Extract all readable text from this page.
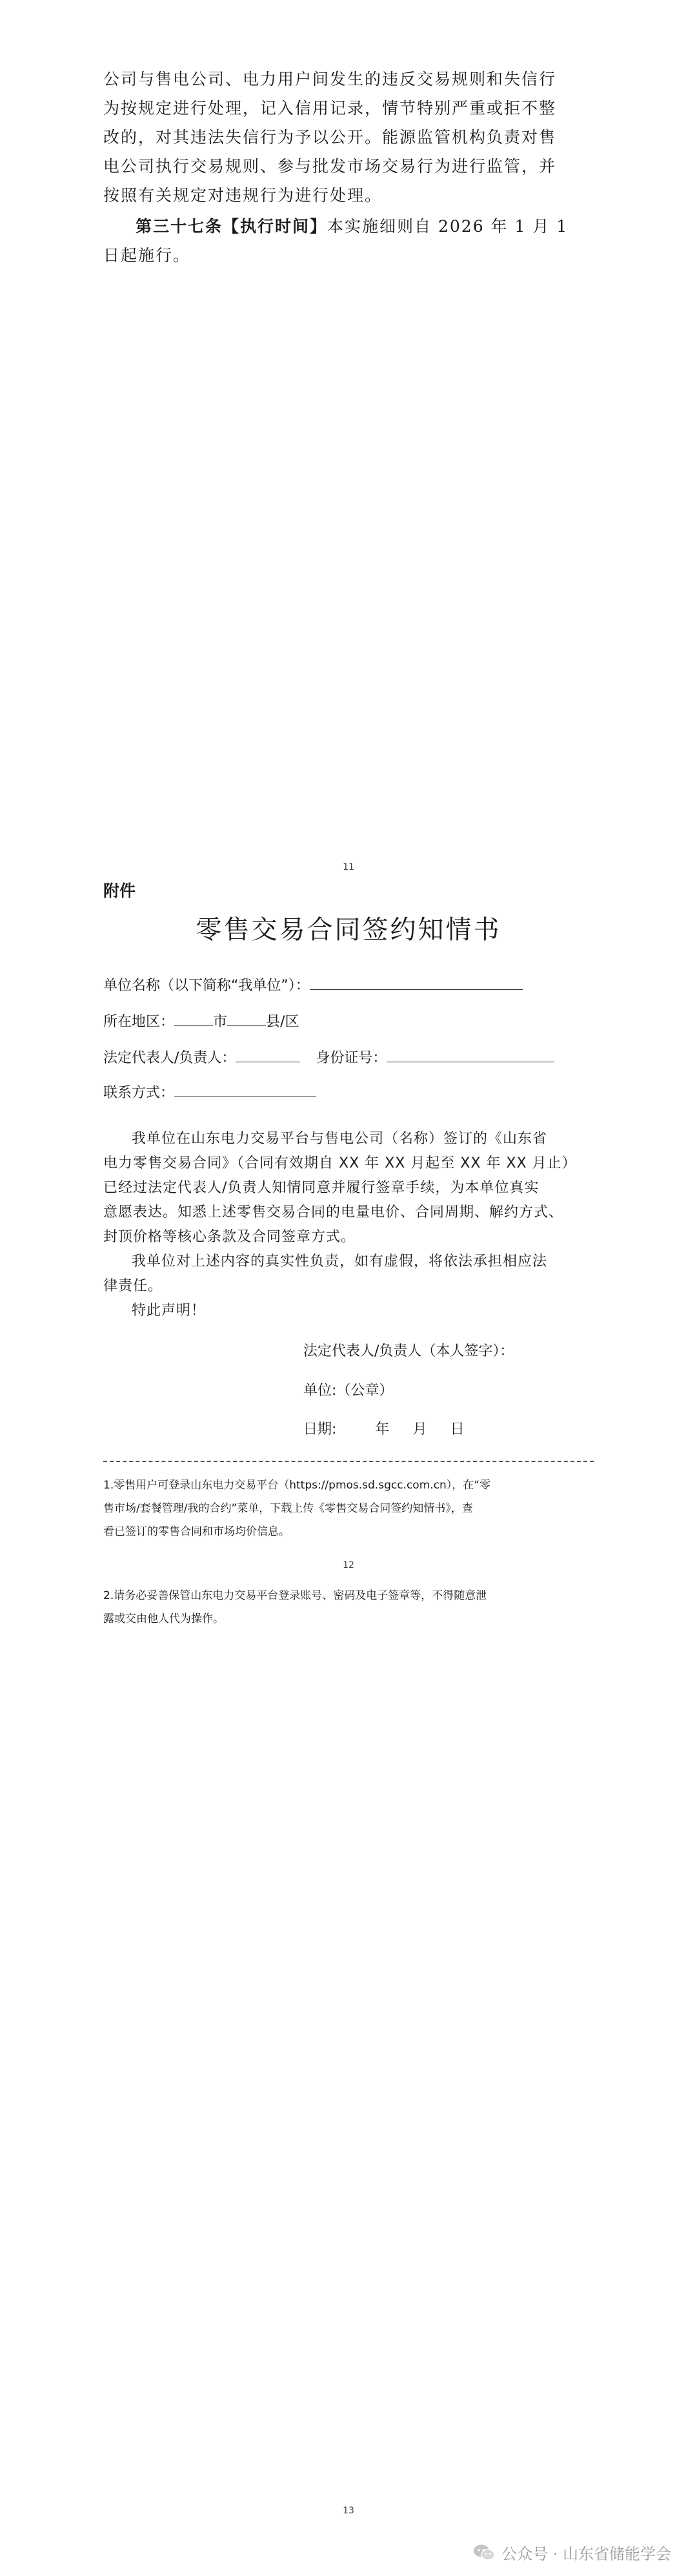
公司与售电公司、电力用户间发生的违反交易规则和失信行
为按规定进行处理，记入信用记录，情节特别严重或拒不整
改的，对其违法失信行为予以公开。能源监管机构负责对售
电公司执行交易规则、参与批发市场交易行为进行监管，并
按照有关规定对违规行为进行处理。
第三十七条【执行时间】本实施细则自 2026 年 1 月 1
日起施行。
11
附件
零售交易合同签约知情书
单位名称（以下简称“我单位”）：
所在地区：	市	县/区
法定代表人/负责人：	身份证号：
联系方式：
我单位在山东电力交易平台与售电公司（名称）签订的《山东省
电力零售交易合同》（合同有效期自 XX 年 XX 月起至 XX 年 XX 月止）
已经过法定代表人/负责人知情同意并履行签章手续，为本单位真实
意愿表达。知悉上述零售交易合同的电量电价、合同周期、解约方式、
封顶价格等核心条款及合同签章方式。
我单位对上述内容的真实性负责，如有虚假，将依法承担相应法
律责任。
特此声明！
法定代表人/负责人（本人签字）：
单位:（公章）
日期:	年 月 日
1.零售用户可登录山东电力交易平台（https://pmos.sd.sgcc.com.cn），在“零
售市场/套餐管理/我的合约”菜单，下载上传《零售交易合同签约知情书》，查
看已签订的零售合同和市场均价信息。
12
2.请务必妥善保管山东电力交易平台登录账号、密码及电子签章等，不得随意泄
露或交由他人代为操作。
13
公众号 · 山东省储能学会
